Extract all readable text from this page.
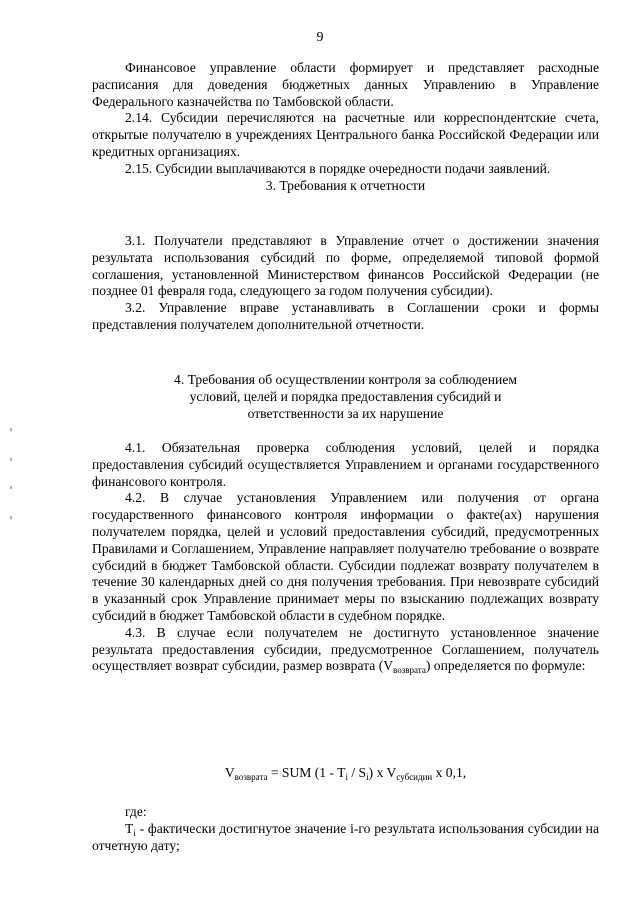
9

Финансовое управление области формирует и представляет расходные расписания для доведения бюджетных данных Управлению в Управление Федерального казначейства по Тамбовской области.

2.14. Субсидии перечисляются на расчетные или корреспондентские счета, открытые получателю в учреждениях Центрального банка Российской Федерации или кредитных организациях.

2.15. Субсидии выплачиваются в порядке очередности подачи заявлений.

3. Требования к отчетности

3.1. Получатели представляют в Управление отчет о достижении значения результата использования субсидий по форме, определяемой типовой формой соглашения, установленной Министерством финансов Российской Федерации (не позднее 01 февраля года, следующего за годом получения субсидии).

3.2. Управление вправе устанавливать в Соглашении сроки и формы представления получателем дополнительной отчетности.

4. Требования об осуществлении контроля за соблюдением

условий, целей и порядка предоставления субсидий и

ответственности за их нарушение

4.1. Обязательная проверка соблюдения условий, целей и порядка предоставления субсидий осуществляется Управлением и органами государственного финансового контроля.

4.2. В случае установления Управлением или получения от органа государственного финансового контроля информации о факте(ах) нарушения получателем порядка, целей и условий предоставления субсидий, предусмотренных Правилами и Соглашением, Управление направляет получателю требование о возврате субсидий в бюджет Тамбовской области. Субсидии подлежат возврату получателем в течение 30 календарных дней со дня получения требования. При невозврате субсидий в указанный срок Управление принимает меры по взысканию подлежащих возврату субсидий в бюджет Тамбовской области в судебном порядке.

4.3. В случае если получателем не достигнуто установленное значение результата предоставления субсидии, предусмотренное Соглашением, получатель осуществляет возврат субсидии, размер возврата $(V_{возврата})$ определяется по формуле:

$V_{возврата}$ = SUM $(1 - T_i / S_i)$ x $V_{субсидии}$ x 0,1,

где:

$T_i$ - фактически достигнутое значение i-го результата использования субсидии на отчетную дату;
